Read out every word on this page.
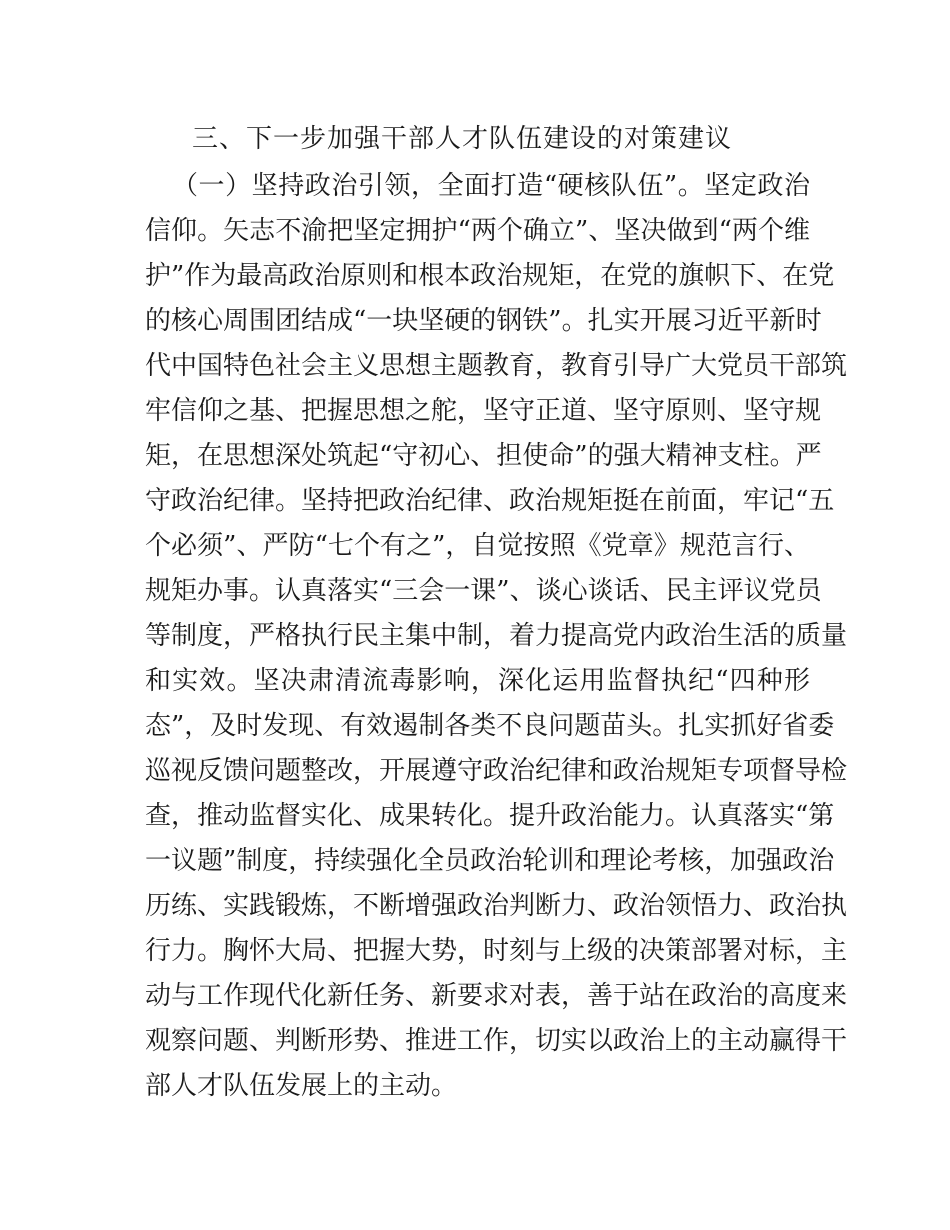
三、下一步加强干部人才队伍建设的对策建议
（一）坚持政治引领，全面打造“硬核队伍”。坚定政治
信仰。矢志不渝把坚定拥护“两个确立”、坚决做到“两个维
护”作为最高政治原则和根本政治规矩，在党的旗帜下、在党
的核心周围团结成“一块坚硬的钢铁”。扎实开展习近平新时
代中国特色社会主义思想主题教育，教育引导广大党员干部筑
牢信仰之基、把握思想之舵，坚守正道、坚守原则、坚守规
矩，在思想深处筑起“守初心、担使命”的强大精神支柱。严
守政治纪律。坚持把政治纪律、政治规矩挺在前面，牢记“五
个必须”、严防“七个有之”，自觉按照《党章》规范言行、
规矩办事。认真落实“三会一课”、谈心谈话、民主评议党员
等制度，严格执行民主集中制，着力提高党内政治生活的质量
和实效。坚决肃清流毒影响，深化运用监督执纪“四种形
态”，及时发现、有效遏制各类不良问题苗头。扎实抓好省委
巡视反馈问题整改，开展遵守政治纪律和政治规矩专项督导检
查，推动监督实化、成果转化。提升政治能力。认真落实“第
一议题”制度，持续强化全员政治轮训和理论考核，加强政治
历练、实践锻炼，不断增强政治判断力、政治领悟力、政治执
行力。胸怀大局、把握大势，时刻与上级的决策部署对标，主
动与工作现代化新任务、新要求对表，善于站在政治的高度来
观察问题、判断形势、推进工作，切实以政治上的主动赢得干
部人才队伍发展上的主动。
